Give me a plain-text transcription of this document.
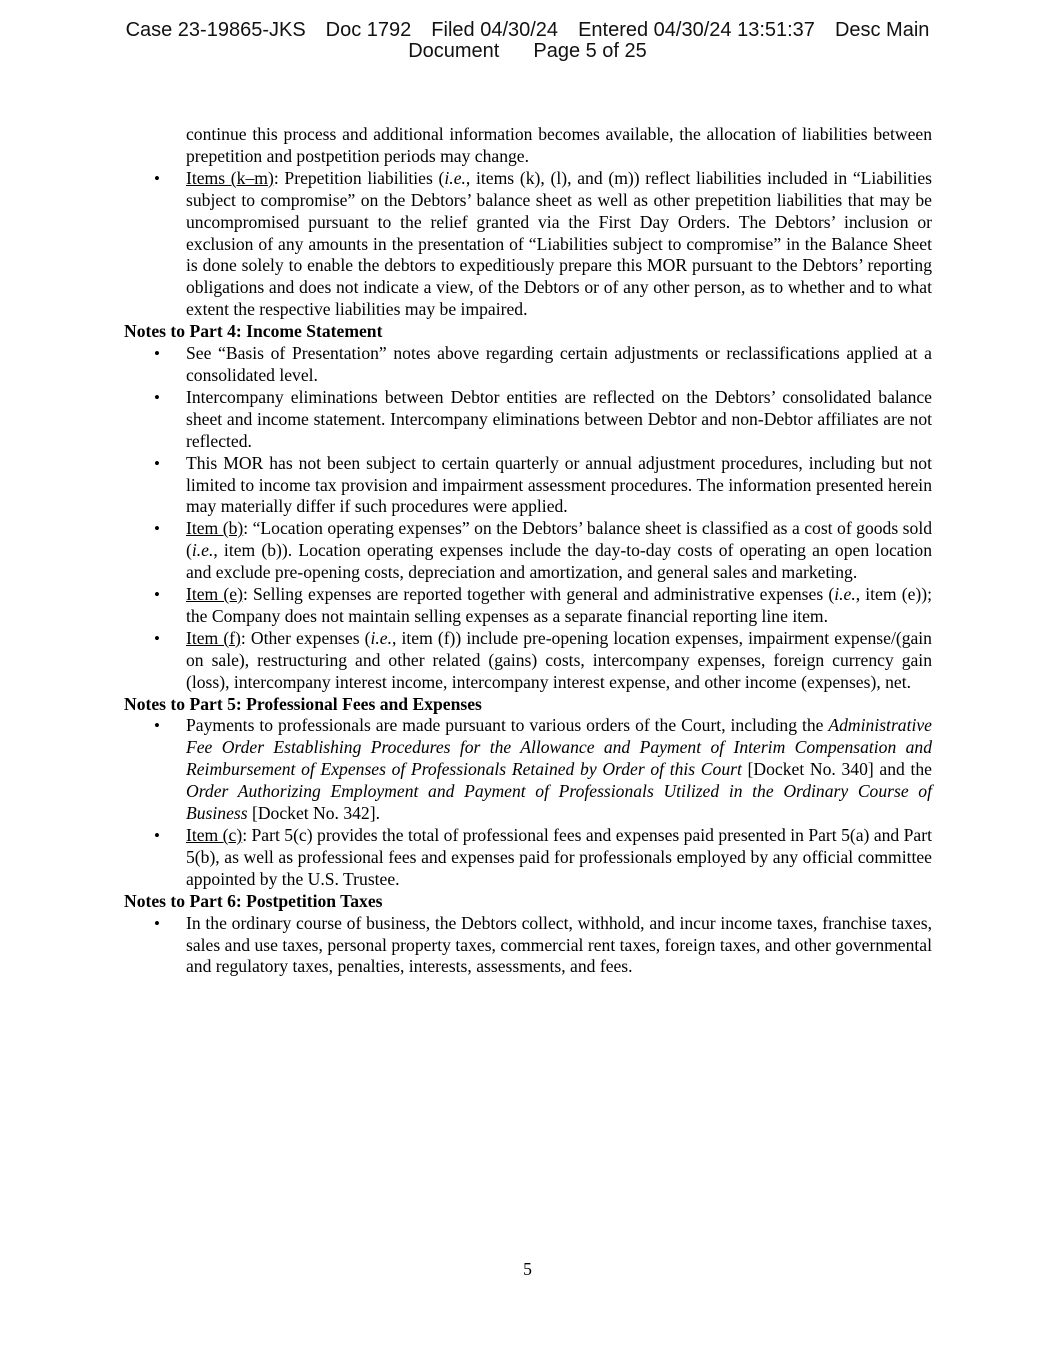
Case 23-19865-JKS Doc 1792 Filed 04/30/24 Entered 04/30/24 13:51:37 Desc Main
Document Page 5 of 25

continue this process and additional information becomes available, the allocation of liabilities between prepetition and postpetition periods may change.

• Items (k–m): Prepetition liabilities (i.e., items (k), (l), and (m)) reflect liabilities included in “Liabilities subject to compromise” on the Debtors’ balance sheet as well as other prepetition liabilities that may be uncompromised pursuant to the relief granted via the First Day Orders. The Debtors’ inclusion or exclusion of any amounts in the presentation of “Liabilities subject to compromise” in the Balance Sheet is done solely to enable the debtors to expeditiously prepare this MOR pursuant to the Debtors’ reporting obligations and does not indicate a view, of the Debtors or of any other person, as to whether and to what extent the respective liabilities may be impaired.
Notes to Part 4: Income Statement
• See “Basis of Presentation” notes above regarding certain adjustments or reclassifications applied at a consolidated level.
• Intercompany eliminations between Debtor entities are reflected on the Debtors’ consolidated balance sheet and income statement. Intercompany eliminations between Debtor and non-Debtor affiliates are not reflected.
• This MOR has not been subject to certain quarterly or annual adjustment procedures, including but not limited to income tax provision and impairment assessment procedures. The information presented herein may materially differ if such procedures were applied.
• Item (b): “Location operating expenses” on the Debtors’ balance sheet is classified as a cost of goods sold (i.e., item (b)). Location operating expenses include the day-to-day costs of operating an open location and exclude pre-opening costs, depreciation and amortization, and general sales and marketing.
• Item (e): Selling expenses are reported together with general and administrative expenses (i.e., item (e)); the Company does not maintain selling expenses as a separate financial reporting line item.
• Item (f): Other expenses (i.e., item (f)) include pre-opening location expenses, impairment expense/(gain on sale), restructuring and other related (gains) costs, intercompany expenses, foreign currency gain (loss), intercompany interest income, intercompany interest expense, and other income (expenses), net.
Notes to Part 5: Professional Fees and Expenses
• Payments to professionals are made pursuant to various orders of the Court, including the Administrative Fee Order Establishing Procedures for the Allowance and Payment of Interim Compensation and Reimbursement of Expenses of Professionals Retained by Order of this Court [Docket No. 340] and the Order Authorizing Employment and Payment of Professionals Utilized in the Ordinary Course of Business [Docket No. 342].
• Item (c): Part 5(c) provides the total of professional fees and expenses paid presented in Part 5(a) and Part 5(b), as well as professional fees and expenses paid for professionals employed by any official committee appointed by the U.S. Trustee.
Notes to Part 6: Postpetition Taxes
• In the ordinary course of business, the Debtors collect, withhold, and incur income taxes, franchise taxes, sales and use taxes, personal property taxes, commercial rent taxes, foreign taxes, and other governmental and regulatory taxes, penalties, interests, assessments, and fees.
5
